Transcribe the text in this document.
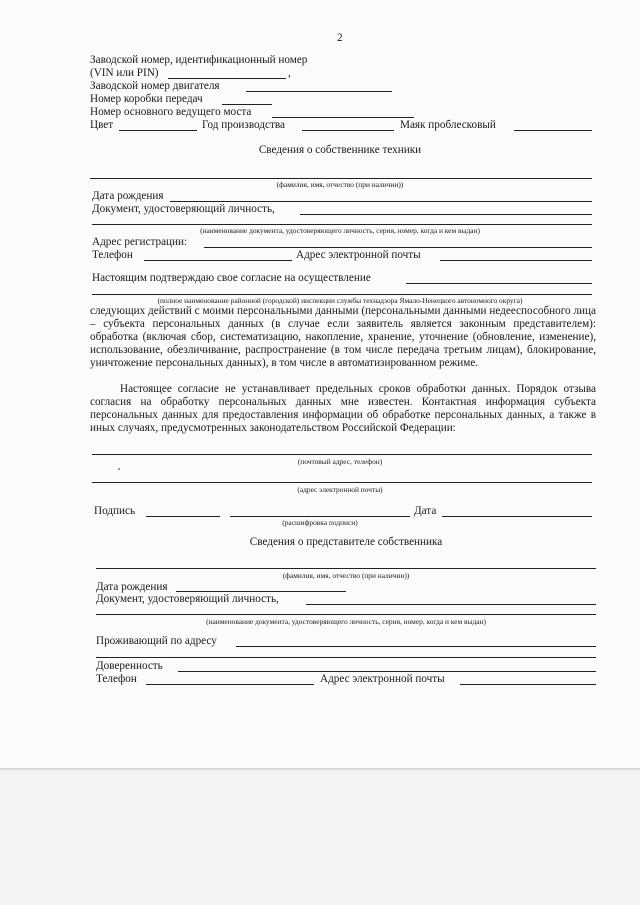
2
Заводской номер, идентификационный номер
(VIN или PIN)	,
Заводской номер двигателя
Номер коробки передач
Номер основного ведущего моста
Цвет	Год производства	Маяк проблесковый
Сведения о собственнике техники
(фамилия, имя, отчество (при наличии))
Дата рождения
Документ, удостоверяющий личность,
(наименование документа, удостоверяющего личность, серия, номер, когда и кем выдан)
Адрес регистрации:
Телефон	Адрес электронной почты
Настоящим подтверждаю свое согласие на осуществление
(полное наименование районной (городской) инспекции службы технадзора Ямало-Ненецкого автономного округа)
следующих действий с моими персональными данными (персональными данными недееспособного лица – субъекта персональных данных (в случае если заявитель является законным представителем): обработка (включая сбор, систематизацию, накопление, хранение, уточнение (обновление, изменение), использование, обезличивание, распространение (в том числе передача третьим лицам), блокирование, уничтожение персональных данных), в том числе в автоматизированном режиме.
Настоящее согласие не устанавливает предельных сроков обработки данных. Порядок отзыва согласия на обработку персональных данных мне известен. Контактная информация субъекта персональных данных для предоставления информации об обработке персональных данных, а также в иных случаях, предусмотренных законодательством Российской Федерации:
(почтовый адрес, телефон)
(адрес электронной почты)
Подпись	Дата
(расшифровка подписи)
Сведения о представителе собственника
(фамилия, имя, отчество (при наличии))
Дата рождения
Документ, удостоверяющий личность,
(наименование документа, удостоверяющего личность, серия, номер, когда и кем выдан)
Проживающий по адресу
Доверенность
Телефон	Адрес электронной почты
